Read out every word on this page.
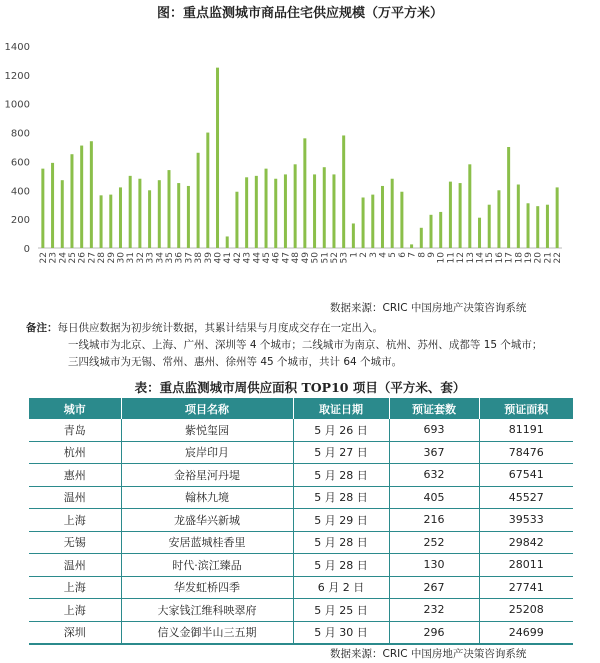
图：重点监测城市商品住宅供应规模（万平方米）
0
200
400
600
800
1000
1200
1400
22 23 24 25 26 27 28 29 30 31 32 33 34 35 36 37 38 39 40 41 42 43 44 45 46 47 48 49 50 51 52 53 1 2 3 4 5 6 7 8 9 10 11 12 13 14 15 16 17 18 19 20 21 22
数据来源：CRIC 中国房地产决策咨询系统
备注：每日供应数据为初步统计数据，其累计结果与月度成交存在一定出入。
一线城市为北京、上海、广州、深圳等 4 个城市；二线城市为南京、杭州、苏州、成都等 15 个城市；
三四线城市为无锡、常州、惠州、徐州等 45 个城市，共计 64 个城市。
表：重点监测城市周供应面积 TOP10 项目（平方米、套）
城市	项目名称	取证日期	预证套数	预证面积
青岛	紫悦玺园	5 月 26 日	693	81191
杭州	宸岸印月	5 月 27 日	367	78476
惠州	金裕星河丹堤	5 月 28 日	632	67541
温州	翰林九境	5 月 28 日	405	45527
上海	龙盛华兴新城	5 月 29 日	216	39533
无锡	安居蓝城桂香里	5 月 28 日	252	29842
温州	时代·滨江臻品	5 月 28 日	130	28011
上海	华发虹桥四季	6 月 2 日	267	27741
上海	大家钱江维科映翠府	5 月 25 日	232	25208
深圳	信义金御半山三五期	5 月 30 日	296	24699
数据来源：CRIC 中国房地产决策咨询系统
